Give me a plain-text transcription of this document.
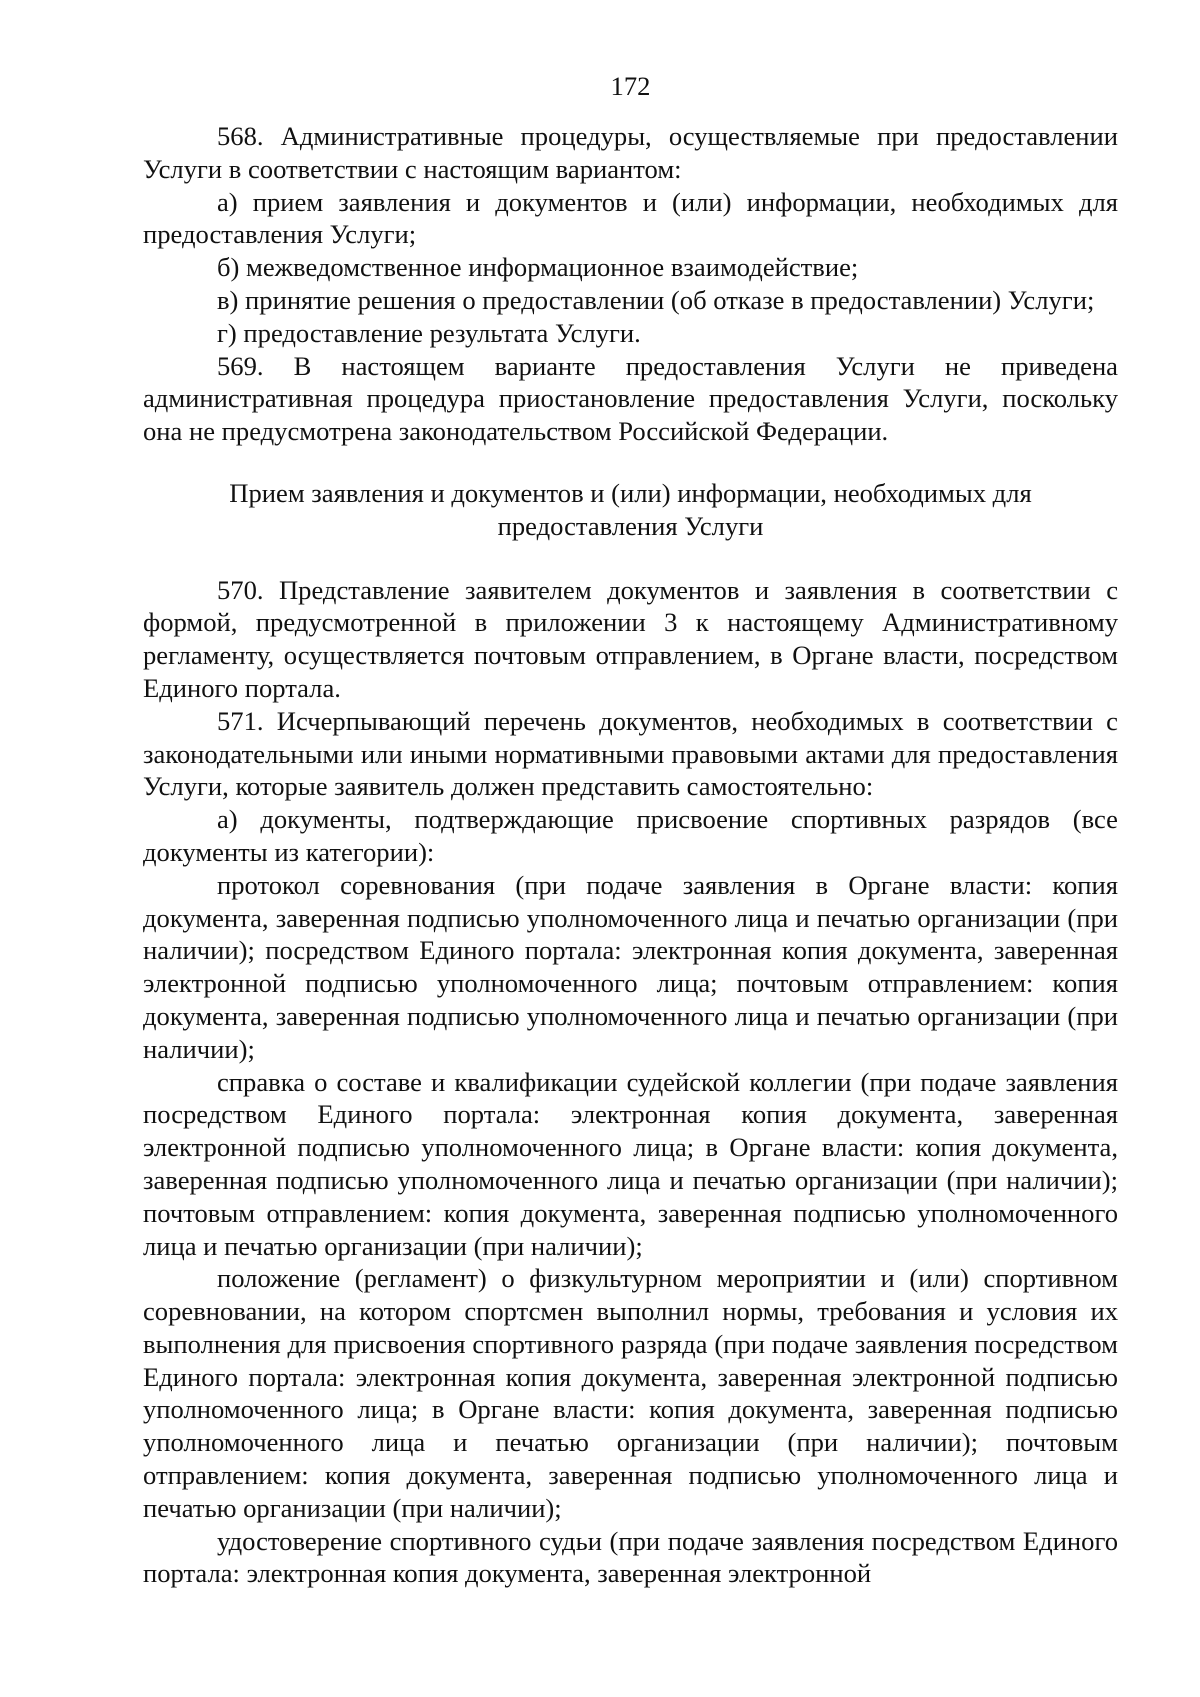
172

568. Административные процедуры, осуществляемые при предоставлении Услуги в соответствии с настоящим вариантом:

а) прием заявления и документов и (или) информации, необходимых для предоставления Услуги;

б) межведомственное информационное взаимодействие;

в) принятие решения о предоставлении (об отказе в предоставлении) Услуги;

г) предоставление результата Услуги.

569. В настоящем варианте предоставления Услуги не приведена административная процедура приостановление предоставления Услуги, поскольку она не предусмотрена законодательством Российской Федерации.

Прием заявления и документов и (или) информации, необходимых для
предоставления Услуги

570. Представление заявителем документов и заявления в соответствии с формой, предусмотренной в приложении 3 к настоящему Административному регламенту, осуществляется почтовым отправлением, в Органе власти, посредством Единого портала.

571. Исчерпывающий перечень документов, необходимых в соответствии с законодательными или иными нормативными правовыми актами для предоставления Услуги, которые заявитель должен представить самостоятельно:

а) документы, подтверждающие присвоение спортивных разрядов (все документы из категории):

протокол соревнования (при подаче заявления в Органе власти: копия документа, заверенная подписью уполномоченного лица и печатью организации (при наличии); посредством Единого портала: электронная копия документа, заверенная электронной подписью уполномоченного лица; почтовым отправлением: копия документа, заверенная подписью уполномоченного лица и печатью организации (при наличии);

справка о составе и квалификации судейской коллегии (при подаче заявления посредством Единого портала: электронная копия документа, заверенная электронной подписью уполномоченного лица; в Органе власти: копия документа, заверенная подписью уполномоченного лица и печатью организации (при наличии); почтовым отправлением: копия документа, заверенная подписью уполномоченного лица и печатью организации (при наличии);

положение (регламент) о физкультурном мероприятии и (или) спортивном соревновании, на котором спортсмен выполнил нормы, требования и условия их выполнения для присвоения спортивного разряда (при подаче заявления посредством Единого портала: электронная копия документа, заверенная электронной подписью уполномоченного лица; в Органе власти: копия документа, заверенная подписью уполномоченного лица и печатью организации (при наличии); почтовым отправлением: копия документа, заверенная подписью уполномоченного лица и печатью организации (при наличии);

удостоверение спортивного судьи (при подаче заявления посредством Единого портала: электронная копия документа, заверенная электронной
